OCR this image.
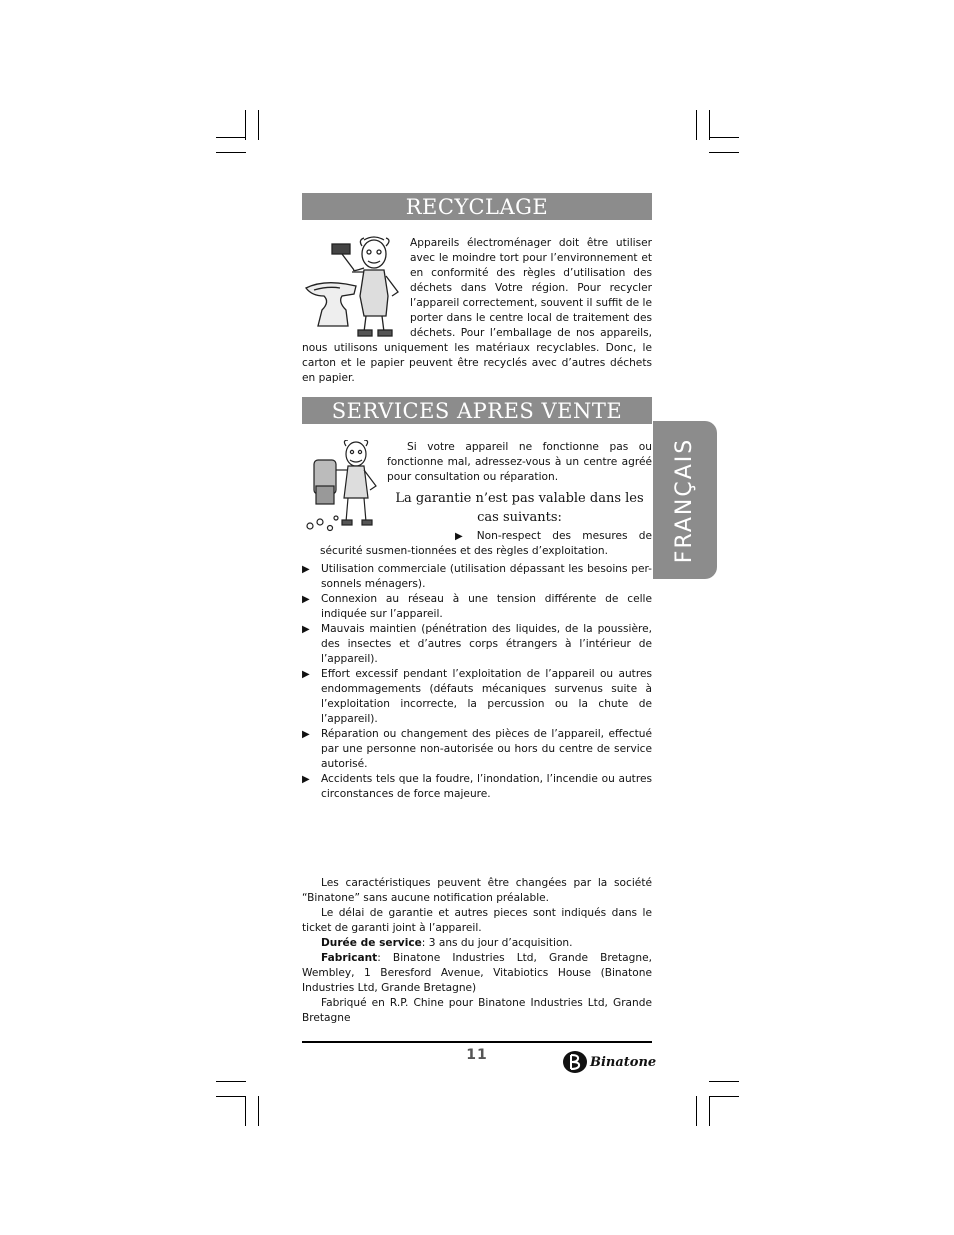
RECYCLAGE
Appareils électroménager doit être utiliser avec le moindre tort pour l’environnement et en conformité des règles d’utilisation des déchets dans Votre région. Pour recycler l’appareil correctement, souvent il suffit de le porter dans le centre local de traitement des déchets. Pour l’emballage de nos appareils, nous utilisons uniquement les matériaux recyclables. Donc, le carton et le papier peuvent être recyclés avec d’autres déchets en papier.
SERVICES APRES VENTE
Si votre appareil ne fonctionne pas ou fonctionne mal, adressez-vous à un centre agréé pour consultation ou réparation.
La garantie n’est pas valable dans les cas suivants:
▶ Non-respect des mesures de sécurité susmen-tionnées et des règles d’exploitation.
▶ Utilisation commerciale (utilisation dépassant les besoins per-sonnels ménagers).
▶ Connexion au réseau à une tension différente de celle indiquée sur l’appareil.
▶ Mauvais maintien (pénétration des liquides, de la poussière, des insectes et d’autres corps étrangers à l’intérieur de l’appareil).
▶ Effort excessif pendant l’exploitation de l’appareil ou autres endommagements (défauts mécaniques survenus suite à l’exploitation incorrecte, la percussion ou la chute de l’appareil).
▶ Réparation ou changement des pièces de l’appareil, effectué par une personne non-autorisée ou hors du centre de service autorisé.
▶ Accidents tels que la foudre, l’inondation, l’incendie ou autres circonstances de force majeure.
FRANÇAIS

Les caractéristiques peuvent être changées par la société “Binatone” sans aucune notification préalable.

Le délai de garantie et autres pieces sont indiqués dans le ticket de garanti joint à l’appareil.

Durée de service: 3 ans du jour d’acquisition.

Fabricant: Binatone Industries Ltd, Grande Bretagne, Wembley, 1 Beresford Avenue, Vitabiotics House (Binatone Industries Ltd, Grande Bretagne)

Fabriqué en R.P. Chine pour Binatone Industries Ltd, Grande Bretagne

11	Binatone
